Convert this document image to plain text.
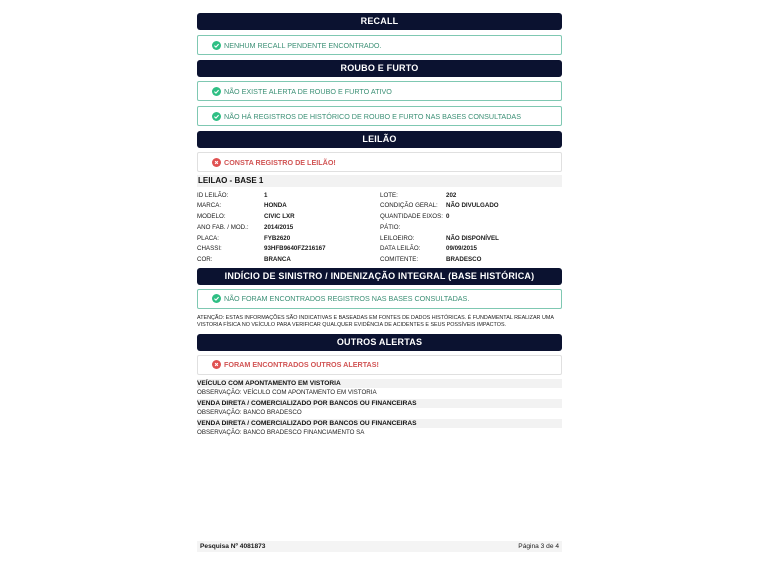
RECALL
NENHUM RECALL PENDENTE ENCONTRADO.
ROUBO E FURTO
NÃO EXISTE ALERTA DE ROUBO E FURTO ATIVO
NÃO HÁ REGISTROS DE HISTÓRICO DE ROUBO E FURTO NAS BASES CONSULTADAS
LEILÃO
CONSTA REGISTRO DE LEILÃO!
LEILAO - BASE 1
ID LEILÃO:	1	LOTE:	202
MARCA:	HONDA	CONDIÇÃO GERAL: NÃO DIVULGADO
MODELO:	CIVIC LXR	QUANTIDADE EIXOS: 0
ANO FAB. / MOD.: 2014/2015	PÁTIO:
PLACA:	FYB2620	LEILOEIRO:	NÃO DISPONÍVEL
CHASSI:	93HFB9640FZ216167	DATA LEILÃO:	09/09/2015
COR:	BRANCA	COMITENTE:	BRADESCO
INDÍCIO DE SINISTRO / INDENIZAÇÃO INTEGRAL (BASE HISTÓRICA)
NÃO FORAM ENCONTRADOS REGISTROS NAS BASES CONSULTADAS.
ATENÇÃO: ESTAS INFORMAÇÕES SÃO INDICATIVAS E BASEADAS EM FONTES DE DADOS HISTÓRICAS. É FUNDAMENTAL REALIZAR UMA VISTORIA FÍSICA NO VEÍCULO PARA VERIFICAR QUALQUER EVIDÊNCIA DE ACIDENTES E SEUS POSSÍVEIS IMPACTOS.
OUTROS ALERTAS
FORAM ENCONTRADOS OUTROS ALERTAS!
VEÍCULO COM APONTAMENTO EM VISTORIA
OBSERVAÇÃO: VEÍCULO COM APONTAMENTO EM VISTORIA
VENDA DIRETA / COMERCIALIZADO POR BANCOS OU FINANCEIRAS
OBSERVAÇÃO: BANCO BRADESCO
VENDA DIRETA / COMERCIALIZADO POR BANCOS OU FINANCEIRAS
OBSERVAÇÃO: BANCO BRADESCO FINANCIAMENTO SA
Pesquisa Nº 4081873	Página 3 de 4
